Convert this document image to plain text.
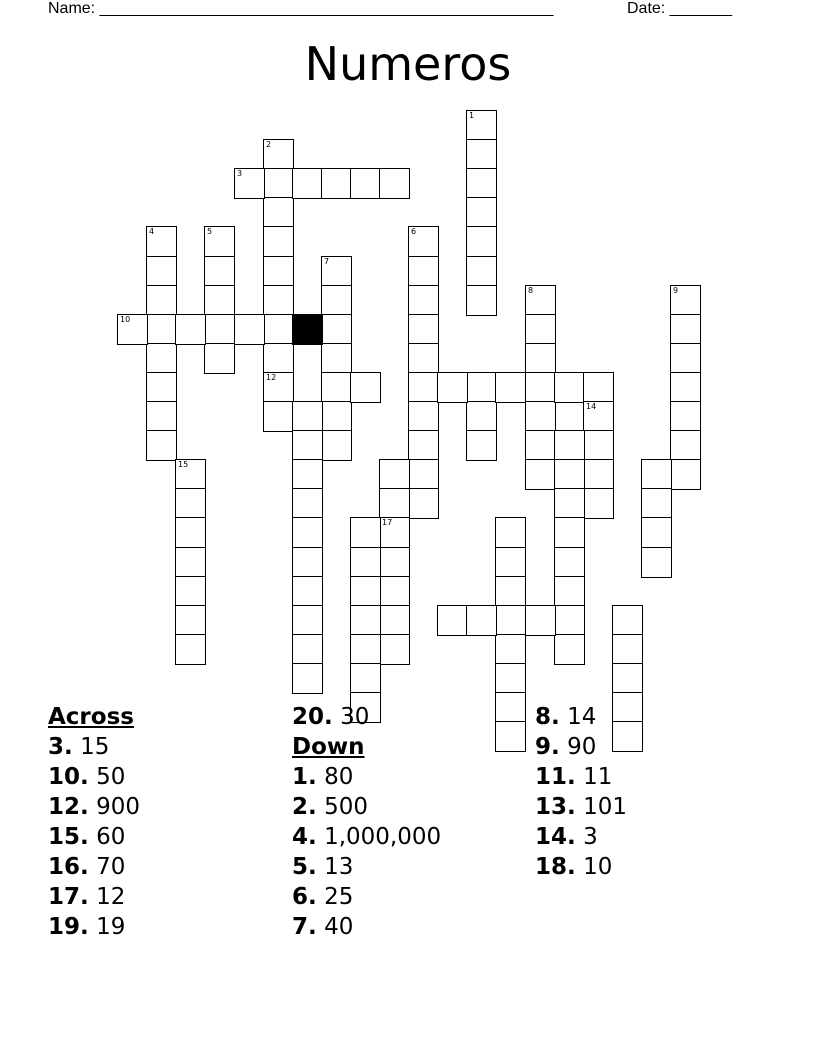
Name: ___________________________________________________	Date: _______
Numeros
1
2
12
3
4	5	6
7
8	9
10
14
15
17
Across
3. 15
10. 50
12. 900
15. 60
16. 70
17. 12
19. 19
20. 30
Down
1. 80
2. 500
4. 1,000,000
5. 13
6. 25
7. 40
8. 14
9. 90
11. 11
13. 101
14. 3
18. 10
